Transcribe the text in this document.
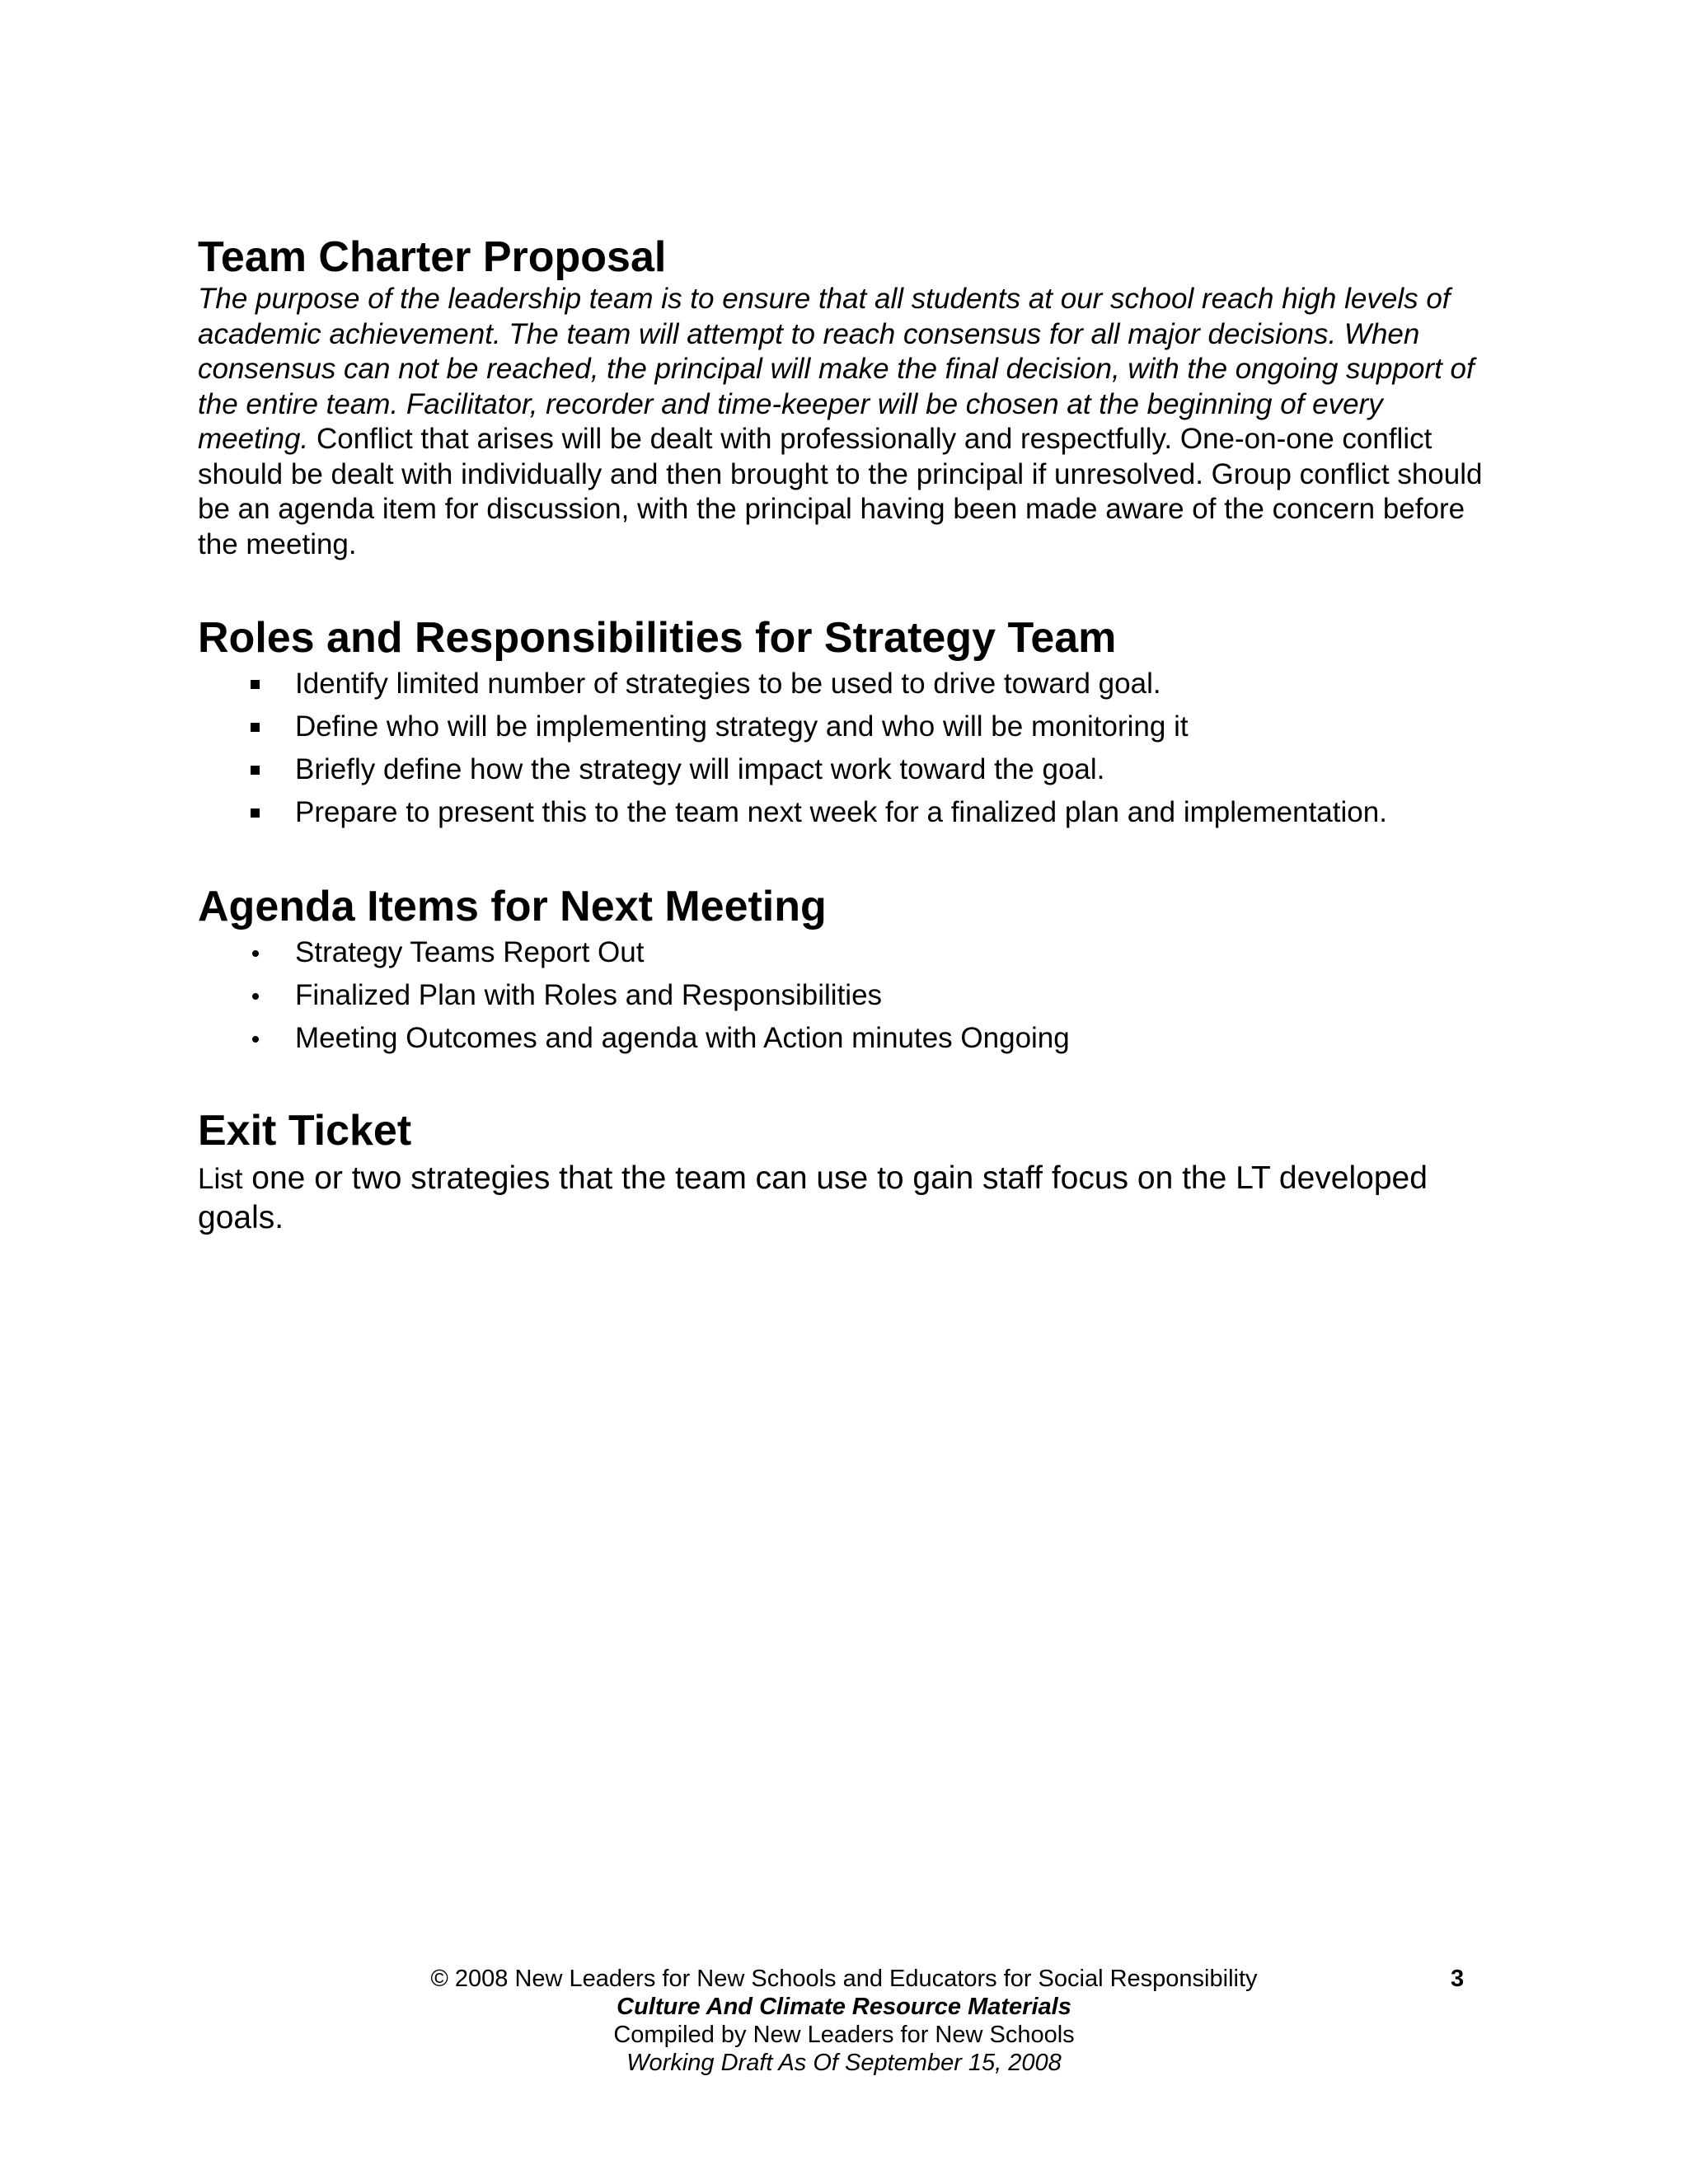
Team Charter Proposal

The purpose of the leadership team is to ensure that all students at our school reach high levels of academic achievement. The team will attempt to reach consensus for all major decisions. When consensus can not be reached, the principal will make the final decision, with the ongoing support of the entire team. Facilitator, recorder and time-keeper will be chosen at the beginning of every meeting. Conflict that arises will be dealt with professionally and respectfully. One-on-one conflict should be dealt with individually and then brought to the principal if unresolved. Group conflict should be an agenda item for discussion, with the principal having been made aware of the concern before the meeting.

Roles and Responsibilities for Strategy Team
Identify limited number of strategies to be used to drive toward goal.
Define who will be implementing strategy and who will be monitoring it
Briefly define how the strategy will impact work toward the goal.
Prepare to present this to the team next week for a finalized plan and implementation.
Agenda Items for Next Meeting
Strategy Teams Report Out
Finalized Plan with Roles and Responsibilities
Meeting Outcomes and agenda with Action minutes Ongoing
Exit Ticket

List one or two strategies that the team can use to gain staff focus on the LT developed goals.

© 2008 New Leaders for New Schools and Educators for Social Responsibility
Culture And Climate Resource Materials
Compiled by New Leaders for New Schools
Working Draft As Of September 15, 2008
3
